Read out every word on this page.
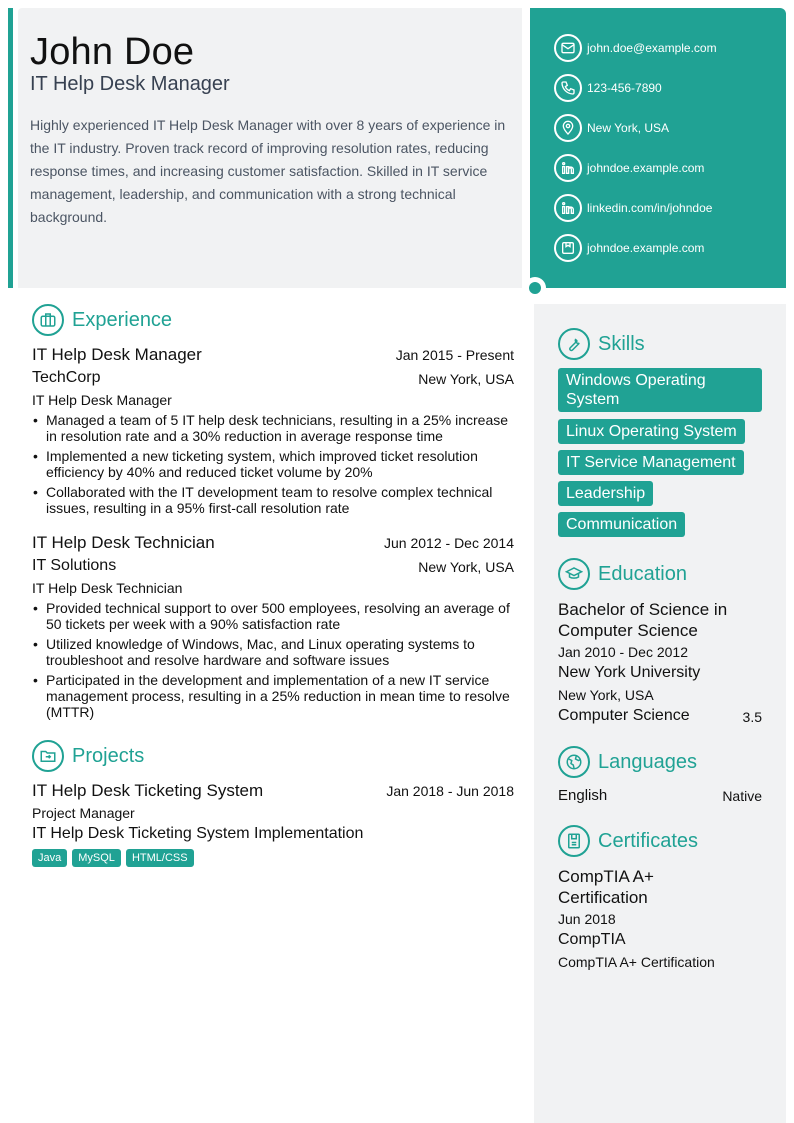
John Doe
IT Help Desk Manager
Highly experienced IT Help Desk Manager with over 8 years of experience in the IT industry. Proven track record of improving resolution rates, reducing response times, and increasing customer satisfaction. Skilled in IT service management, leadership, and communication with a strong technical background.
john.doe@example.com
123-456-7890
New York, USA
johndoe.example.com
linkedin.com/in/johndoe
johndoe.example.com
Experience
IT Help Desk Manager	Jan 2015 - Present
TechCorp	New York, USA
IT Help Desk Manager
• Managed a team of 5 IT help desk technicians, resulting in a 25% increase in resolution rate and a 30% reduction in average response time
• Implemented a new ticketing system, which improved ticket resolution efficiency by 40% and reduced ticket volume by 20%
• Collaborated with the IT development team to resolve complex technical issues, resulting in a 95% first-call resolution rate
IT Help Desk Technician	Jun 2012 - Dec 2014
IT Solutions	New York, USA
IT Help Desk Technician
• Provided technical support to over 500 employees, resolving an average of 50 tickets per week with a 90% satisfaction rate
• Utilized knowledge of Windows, Mac, and Linux operating systems to troubleshoot and resolve hardware and software issues
• Participated in the development and implementation of a new IT service management process, resulting in a 25% reduction in mean time to resolve (MTTR)
Projects
IT Help Desk Ticketing System	Jan 2018 - Jun 2018
Project Manager
IT Help Desk Ticketing System Implementation
Java MySQL HTML/CSS
Skills
Windows Operating System
Linux Operating System
IT Service Management
Leadership
Communication
Education
Bachelor of Science in Computer Science
Jan 2010 - Dec 2012
New York University
New York, USA
Computer Science	3.5
Languages
English	Native
Certificates
CompTIA A+ Certification
Jun 2018
CompTIA
CompTIA A+ Certification
